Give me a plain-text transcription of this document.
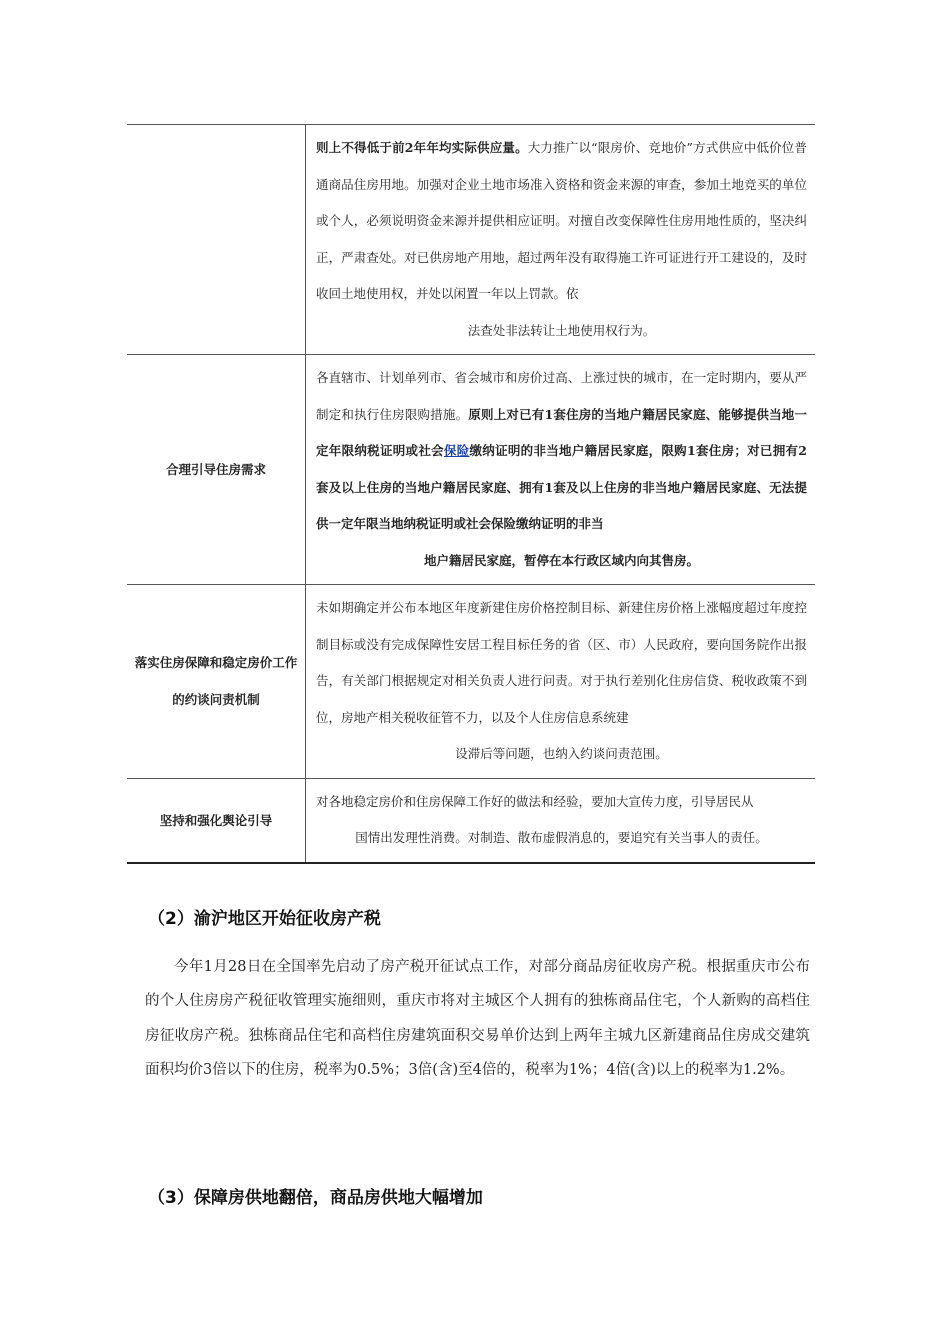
	则上不得低于前2年年均实际供应量。大力推广以“限房价、竞地价”方式供应中低价位普通商品住房用地。加强对企业土地市场准入资格和资金来源的审查，参加土地竞买的单位或个人，必须说明资金来源并提供相应证明。对擅自改变保障性住房用地性质的，坚决纠正，严肃查处。对已供房地产用地，超过两年没有取得施工许可证进行开工建设的，及时收回土地使用权，并处以闲置一年以上罚款。依
法查处非法转让土地使用权行为。

合理引导住房需求	各直辖市、计划单列市、省会城市和房价过高、上涨过快的城市，在一定时期内，要从严制定和执行住房限购措施。原则上对已有1套住房的当地户籍居民家庭、能够提供当地一定年限纳税证明或社会保险缴纳证明的非当地户籍居民家庭，限购1套住房；对已拥有2套及以上住房的当地户籍居民家庭、拥有1套及以上住房的非当地户籍居民家庭、无法提供一定年限当地纳税证明或社会保险缴纳证明的非当
地户籍居民家庭，暂停在本行政区域内向其售房。

落实住房保障和稳定房价工作的约谈问责机制	未如期确定并公布本地区年度新建住房价格控制目标、新建住房价格上涨幅度超过年度控制目标或没有完成保障性安居工程目标任务的省（区、市）人民政府，要向国务院作出报告，有关部门根据规定对相关负责人进行问责。对于执行差别化住房信贷、税收政策不到位，房地产相关税收征管不力，以及个人住房信息系统建
设滞后等问题，也纳入约谈问责范围。

坚持和强化舆论引导	对各地稳定房价和住房保障工作好的做法和经验，要加大宣传力度，引导居民从
国情出发理性消费。对制造、散布虚假消息的，要追究有关当事人的责任。
（2）渝沪地区开始征收房产税
今年1月28日在全国率先启动了房产税开征试点工作，对部分商品房征收房产税。根据重庆市公布的个人住房房产税征收管理实施细则，重庆市将对主城区个人拥有的独栋商品住宅，个人新购的高档住房征收房产税。独栋商品住宅和高档住房建筑面积交易单价达到上两年主城九区新建商品住房成交建筑面积均价3倍以下的住房，税率为0.5%；3倍(含)至4倍的，税率为1%；4倍(含)以上的税率为1.2%。
（3）保障房供地翻倍，商品房供地大幅增加
